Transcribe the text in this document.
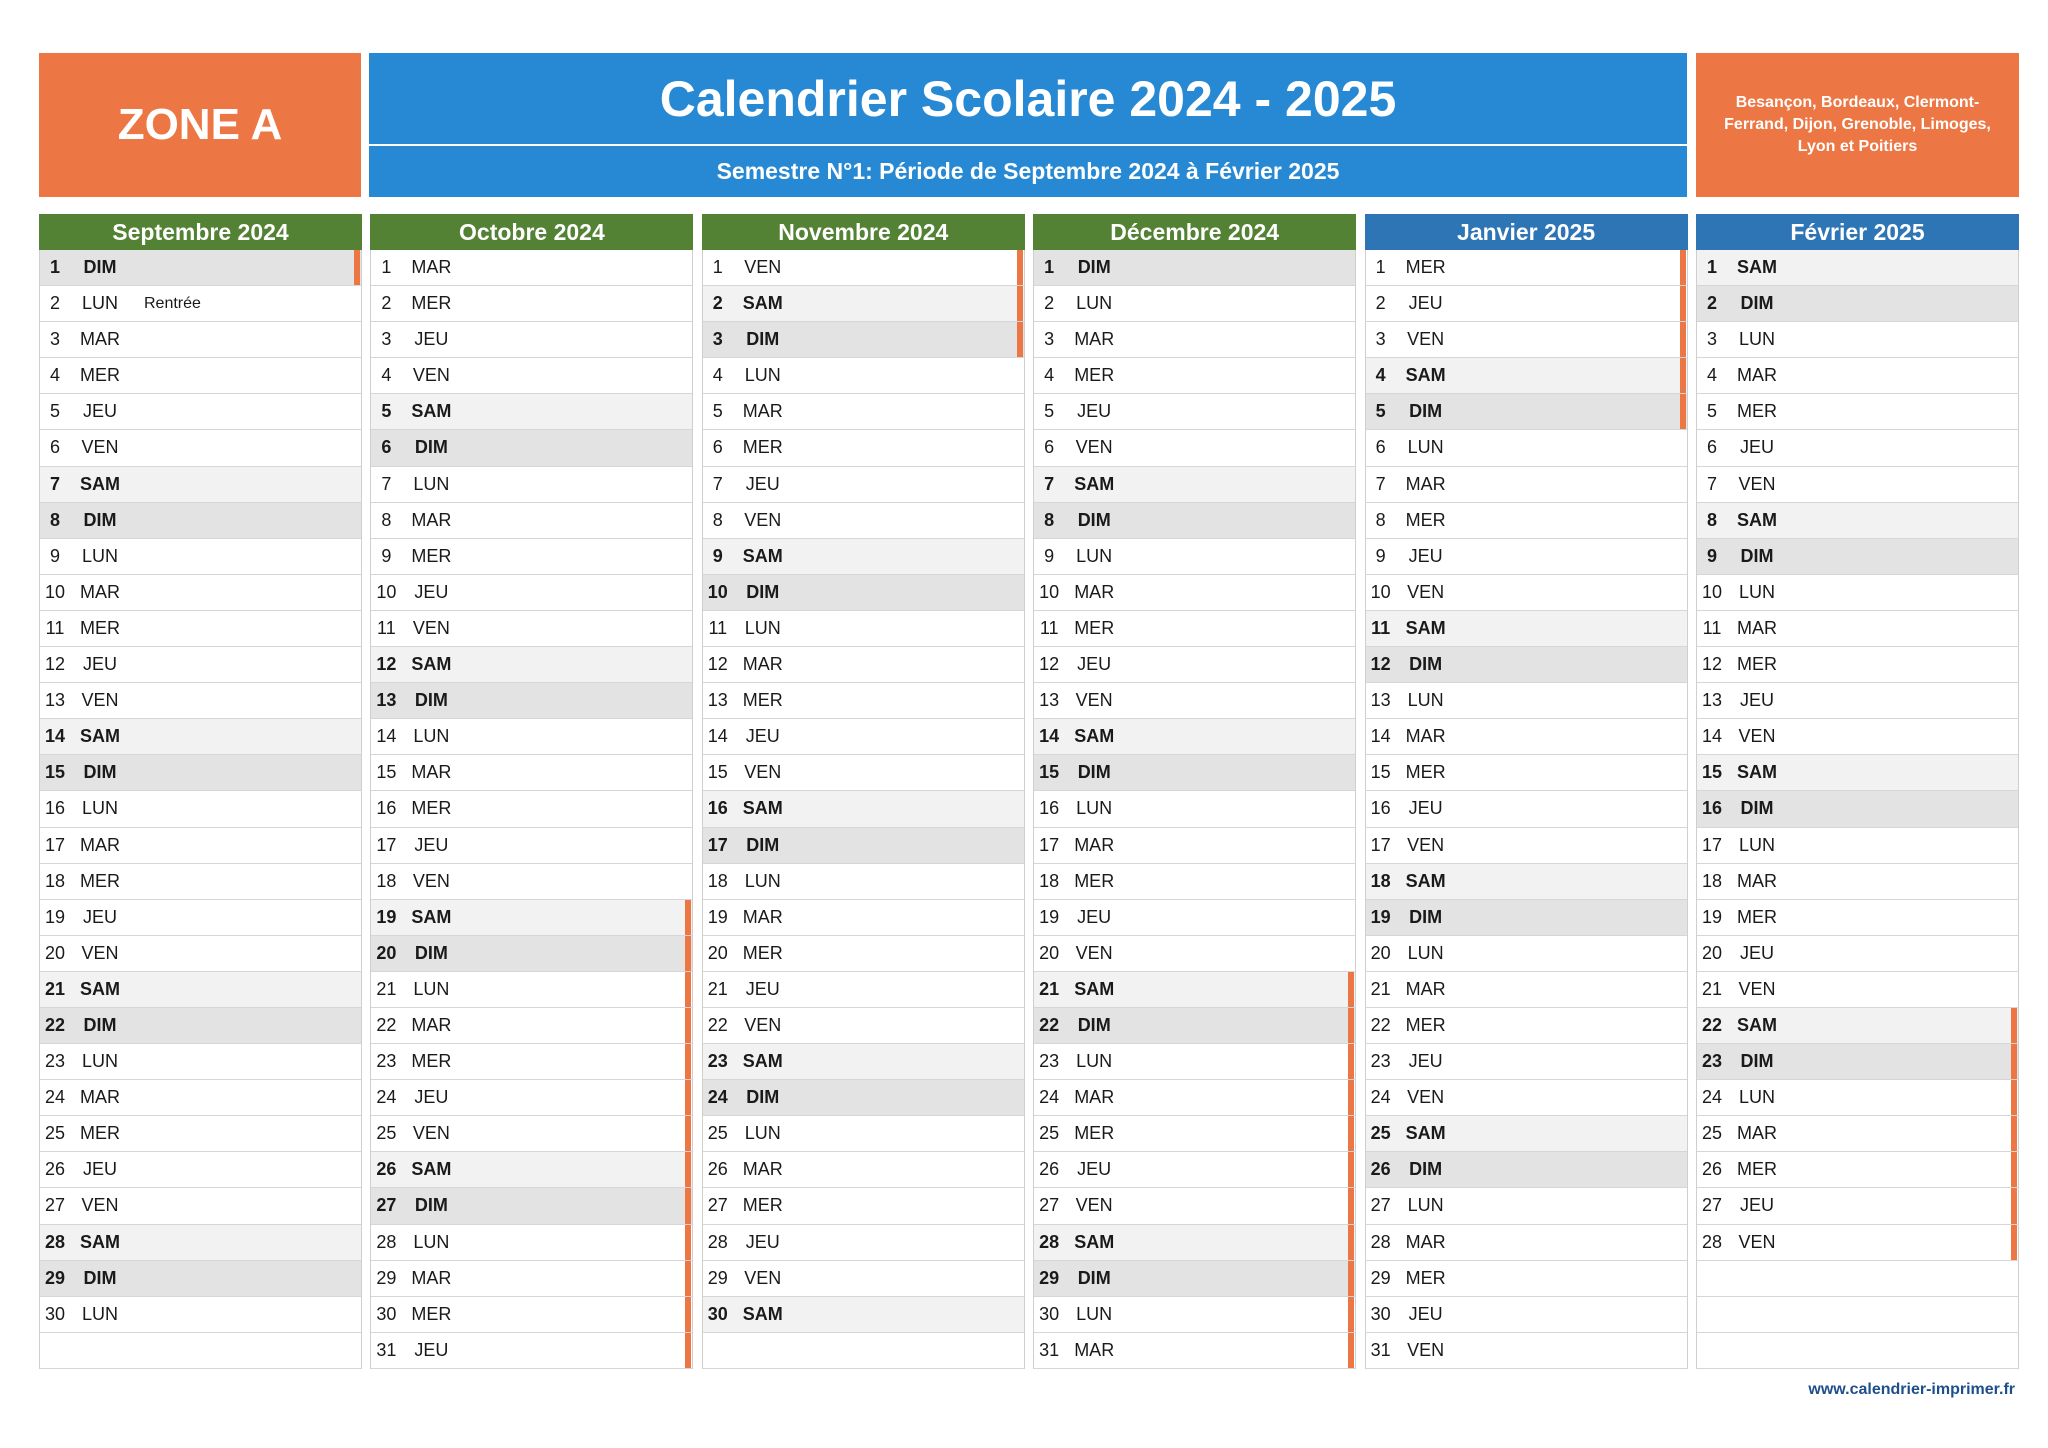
ZONE A	Calendrier Scolaire 2024 - 2025
Semestre N°1: Période de Septembre 2024 à Février 2025
Besançon, Bordeaux, Clermont-
Ferrand, Dijon, Grenoble, Limoges,
Lyon et Poitiers
Septembre 2024
1	DIM
2	LUN	Rentrée
3	MAR
4	MER
5	JEU
6	VEN
7	SAM
8	DIM
9	LUN
10 MAR
11 MER
12 JEU
13 VEN
14 SAM
15	DIM
16 LUN
17 MAR
18 MER
19 JEU
20 VEN
21 SAM
22	DIM
23 LUN
24 MAR
25 MER
26 JEU
27 VEN
28 SAM
29	DIM
30 LUN
Octobre 2024
1	MAR
2	MER
3	JEU
4	VEN
5	SAM
6	DIM
7	LUN
8	MAR
9	MER
10 JEU
11 VEN
12 SAM
13	DIM
14 LUN
15 MAR
16 MER
17 JEU
18 VEN
19 SAM
20	DIM
21 LUN
22 MAR
23 MER
24 JEU
25 VEN
26 SAM
27	DIM
28 LUN
29 MAR
30 MER
31 JEU
Novembre 2024
1	VEN
2	SAM
3	DIM
4	LUN
5	MAR
6	MER
7	JEU
8	VEN
9	SAM
10	DIM
11 LUN
12 MAR
13 MER
14 JEU
15 VEN
16 SAM
17	DIM
18 LUN
19 MAR
20 MER
21 JEU
22 VEN
23 SAM
24	DIM
25 LUN
26 MAR
27 MER
28 JEU
29 VEN
30 SAM
Décembre 2024
1	DIM
2	LUN
3	MAR
4	MER
5	JEU
6	VEN
7	SAM
8	DIM
9	LUN
10 MAR
11 MER
12 JEU
13 VEN
14 SAM
15	DIM
16 LUN
17 MAR
18 MER
19 JEU
20 VEN
21 SAM
22	DIM
23 LUN
24 MAR
25 MER
26 JEU
27 VEN
28 SAM
29	DIM
30 LUN
31 MAR
Janvier 2025
1	MER
2	JEU
3	VEN
4	SAM
5	DIM
6	LUN
7	MAR
8	MER
9	JEU
10 VEN
11 SAM
12	DIM
13 LUN
14 MAR
15 MER
16 JEU
17 VEN
18 SAM
19	DIM
20 LUN
21 MAR
22 MER
23 JEU
24 VEN
25 SAM
26	DIM
27 LUN
28 MAR
29 MER
30 JEU
31 VEN
Février 2025
1	SAM
2	DIM
3	LUN
4	MAR
5	MER
6	JEU
7	VEN
8	SAM
9	DIM
10 LUN
11 MAR
12 MER
13 JEU
14 VEN
15 SAM
16	DIM
17 LUN
18 MAR
19 MER
20 JEU
21 VEN
22 SAM
23	DIM
24 LUN
25 MAR
26 MER
27 JEU
28 VEN
www.calendrier-imprimer.fr
